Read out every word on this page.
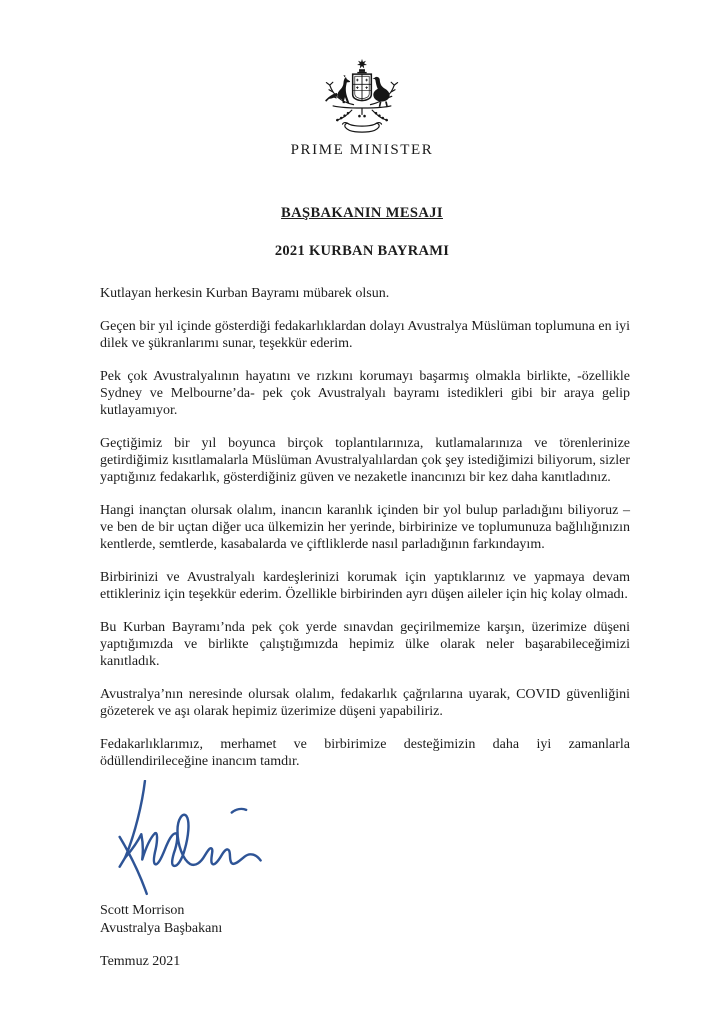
PRIME MINISTER
BAŞBAKANIN MESAJI
2021 KURBAN BAYRAMI

Kutlayan herkesin Kurban Bayramı mübarek olsun.

Geçen bir yıl içinde gösterdiği fedakarlıklardan dolayı Avustralya Müslüman toplumuna en iyi dilek ve şükranlarımı sunar, teşekkür ederim.

Pek çok Avustralyalının hayatını ve rızkını korumayı başarmış olmakla birlikte, -özellikle Sydney ve Melbourne’da- pek çok Avustralyalı bayramı istedikleri gibi bir araya gelip kutlayamıyor.

Geçtiğimiz bir yıl boyunca birçok toplantılarınıza, kutlamalarınıza ve törenlerinize getirdiğimiz kısıtlamalarla Müslüman Avustralyalılardan çok şey istediğimizi biliyorum, sizler yaptığınız fedakarlık, gösterdiğiniz güven ve nezaketle inancınızı bir kez daha kanıtladınız.

Hangi inançtan olursak olalım, inancın karanlık içinden bir yol bulup parladığını biliyoruz – ve ben de bir uçtan diğer uca ülkemizin her yerinde, birbirinize ve toplumunuza bağlılığınızın kentlerde, semtlerde, kasabalarda ve çiftliklerde nasıl parladığının farkındayım.

Birbirinizi ve Avustralyalı kardeşlerinizi korumak için yaptıklarınız ve yapmaya devam ettikleriniz için teşekkür ederim. Özellikle birbirinden ayrı düşen aileler için hiç kolay olmadı.

Bu Kurban Bayramı’nda pek çok yerde sınavdan geçirilmemize karşın, üzerimize düşeni yaptığımızda ve birlikte çalıştığımızda hepimiz ülke olarak neler başarabileceğimizi kanıtladık.

Avustralya’nın neresinde olursak olalım, fedakarlık çağrılarına uyarak, COVID güvenliğini gözeterek ve aşı olarak hepimiz üzerimize düşeni yapabiliriz.

Fedakarlıklarımız, merhamet ve birbirimize desteğimizin daha iyi zamanlarla ödüllendirileceğine inancım tamdır.

Scott Morrison
Avustralya Başbakanı
Temmuz 2021
